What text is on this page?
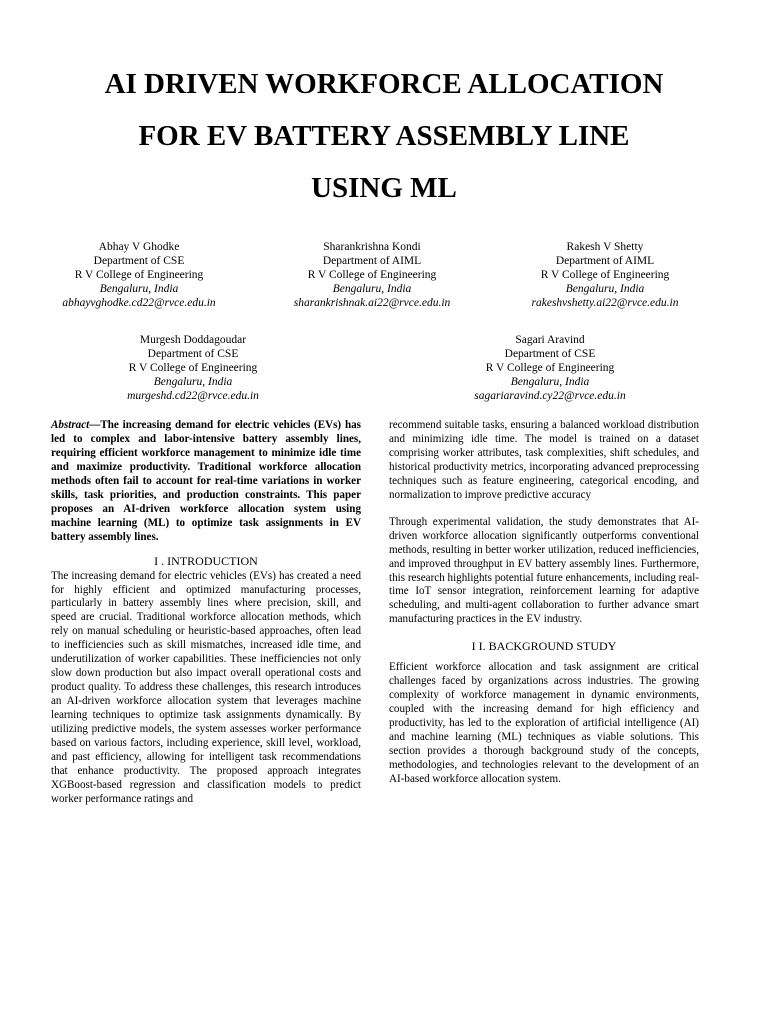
AI DRIVEN WORKFORCE ALLOCATION
FOR EV BATTERY ASSEMBLY LINE
USING ML
Abhay V Ghodke
Department of CSE
R V College of Engineering
Bengaluru, India
abhayvghodke.cd22@rvce.edu.in
Sharankrishna Kondi
Department of AIML
R V College of Engineering
Bengaluru, India
sharankrishnak.ai22@rvce.edu.in
Rakesh V Shetty
Department of AIML
R V College of Engineering
Bengaluru, India
rakeshvshetty.ai22@rvce.edu.in
Murgesh Doddagoudar
Department of CSE
R V College of Engineering
Bengaluru, India
murgeshd.cd22@rvce.edu.in
Sagari Aravind
Department of CSE
R V College of Engineering
Bengaluru, India
sagariaravind.cy22@rvce.edu.in

Abstract—The increasing demand for electric vehicles (EVs) has led to complex and labor-intensive battery assembly lines, requiring efficient workforce management to minimize idle time and maximize productivity. Traditional workforce allocation methods often fail to account for real-time variations in worker skills, task priorities, and production constraints. This paper proposes an AI-driven workforce allocation system using machine learning (ML) to optimize task assignments in EV battery assembly lines.

I . INTRODUCTION

The increasing demand for electric vehicles (EVs) has created a need for highly efficient and optimized manufacturing processes, particularly in battery assembly lines where precision, skill, and speed are crucial. Traditional workforce allocation methods, which rely on manual scheduling or heuristic-based approaches, often lead to inefficiencies such as skill mismatches, increased idle time, and underutilization of worker capabilities. These inefficiencies not only slow down production but also impact overall operational costs and product quality. To address these challenges, this research introduces an AI-driven workforce allocation system that leverages machine learning techniques to optimize task assignments dynamically. By utilizing predictive models, the system assesses worker performance based on various factors, including experience, skill level, workload, and past efficiency, allowing for intelligent task recommendations that enhance productivity. The proposed approach integrates XGBoost-based regression and classification models to predict worker performance ratings and

recommend suitable tasks, ensuring a balanced workload distribution and minimizing idle time. The model is trained on a dataset comprising worker attributes, task complexities, shift schedules, and historical productivity metrics, incorporating advanced preprocessing techniques such as feature engineering, categorical encoding, and normalization to improve predictive accuracy

Through experimental validation, the study demonstrates that AI-driven workforce allocation significantly outperforms conventional methods, resulting in better worker utilization, reduced inefficiencies, and improved throughput in EV battery assembly lines. Furthermore, this research highlights potential future enhancements, including real-time IoT sensor integration, reinforcement learning for adaptive scheduling, and multi-agent collaboration to further advance smart manufacturing practices in the EV industry.

I I. BACKGROUND STUDY

Efficient workforce allocation and task assignment are critical challenges faced by organizations across industries. The growing complexity of workforce management in dynamic environments, coupled with the increasing demand for high efficiency and productivity, has led to the exploration of artificial intelligence (AI) and machine learning (ML) techniques as viable solutions. This section provides a thorough background study of the concepts, methodologies, and technologies relevant to the development of an AI-based workforce allocation system.
